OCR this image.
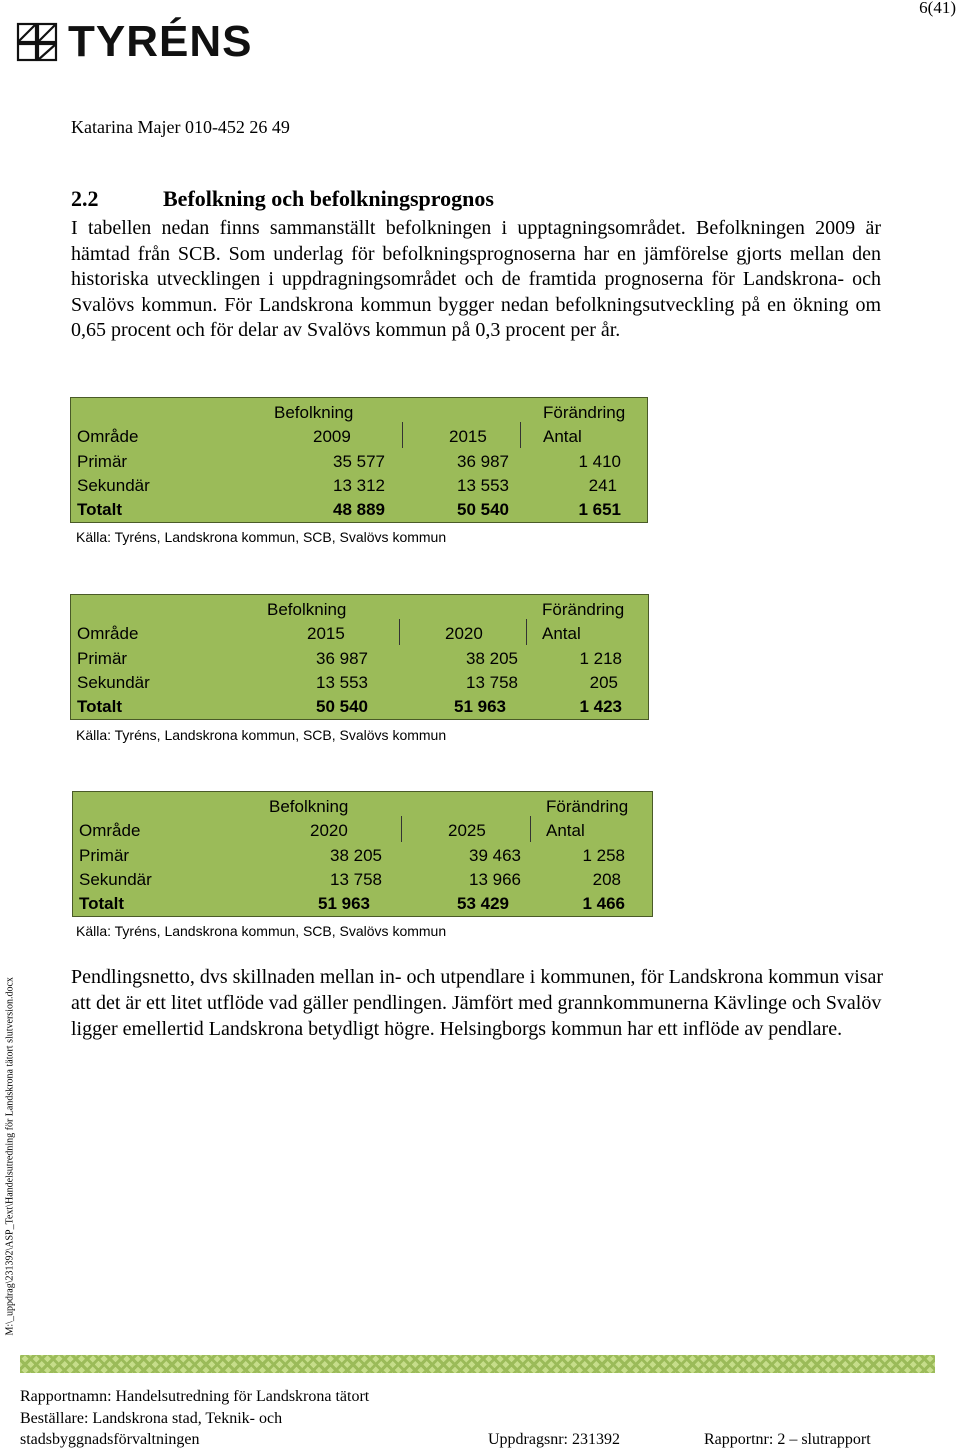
6(41)
TYRÉNS
Katarina Majer 010-452 26 49
2.2	Befolkning och befolkningsprognos
I tabellen nedan finns sammanställt befolkningen i upptagningsområdet. Befolkningen 2009 är hämtad från SCB. Som underlag för befolkningsprognoserna har en jämförelse gjorts mellan den historiska utvecklingen i uppdragningsområdet och de framtida prognoserna för Landskrona- och Svalövs kommun. För Landskrona kommun bygger nedan befolkningsutveckling på en ökning om 0,65 procent och för delar av Svalövs kommun på 0,3 procent per år.
Befolkning	Förändring
Område	2009	2015	Antal
Primär	35 577	36 987	1 410
Sekundär	13 312	13 553	241
Totalt	48 889	50 540	1 651
Källa: Tyréns, Landskrona kommun, SCB, Svalövs kommun
Befolkning	Förändring
Område	2015	2020	Antal
Primär	36 987	38 205	1 218
Sekundär	13 553	13 758	205
Totalt	50 540	51 963	1 423
Källa: Tyréns, Landskrona kommun, SCB, Svalövs kommun
Befolkning	Förändring
Område	2020	2025	Antal
Primär	38 205	39 463	1 258
Sekundär	13 758	13 966	208
Totalt	51 963	53 429	1 466
Källa: Tyréns, Landskrona kommun, SCB, Svalövs kommun
Pendlingsnetto, dvs skillnaden mellan in- och utpendlare i kommunen, för Landskrona kommun visar att det är ett litet utflöde vad gäller pendlingen. Jämfört med grannkommunerna Kävlinge och Svalöv ligger emellertid Landskrona betydligt högre. Helsingborgs kommun har ett inflöde av pendlare.
M:\_uppdrag\231392\ASP_Text\Handelsutredning för Landskrona tätort slutversion.docx
Rapportnamn: Handelsutredning för Landskrona tätort
Beställare: Landskrona stad, Teknik- och
stadsbyggnadsförvaltningen	Uppdragsnr: 231392	Rapportnr: 2 – slutrapport
